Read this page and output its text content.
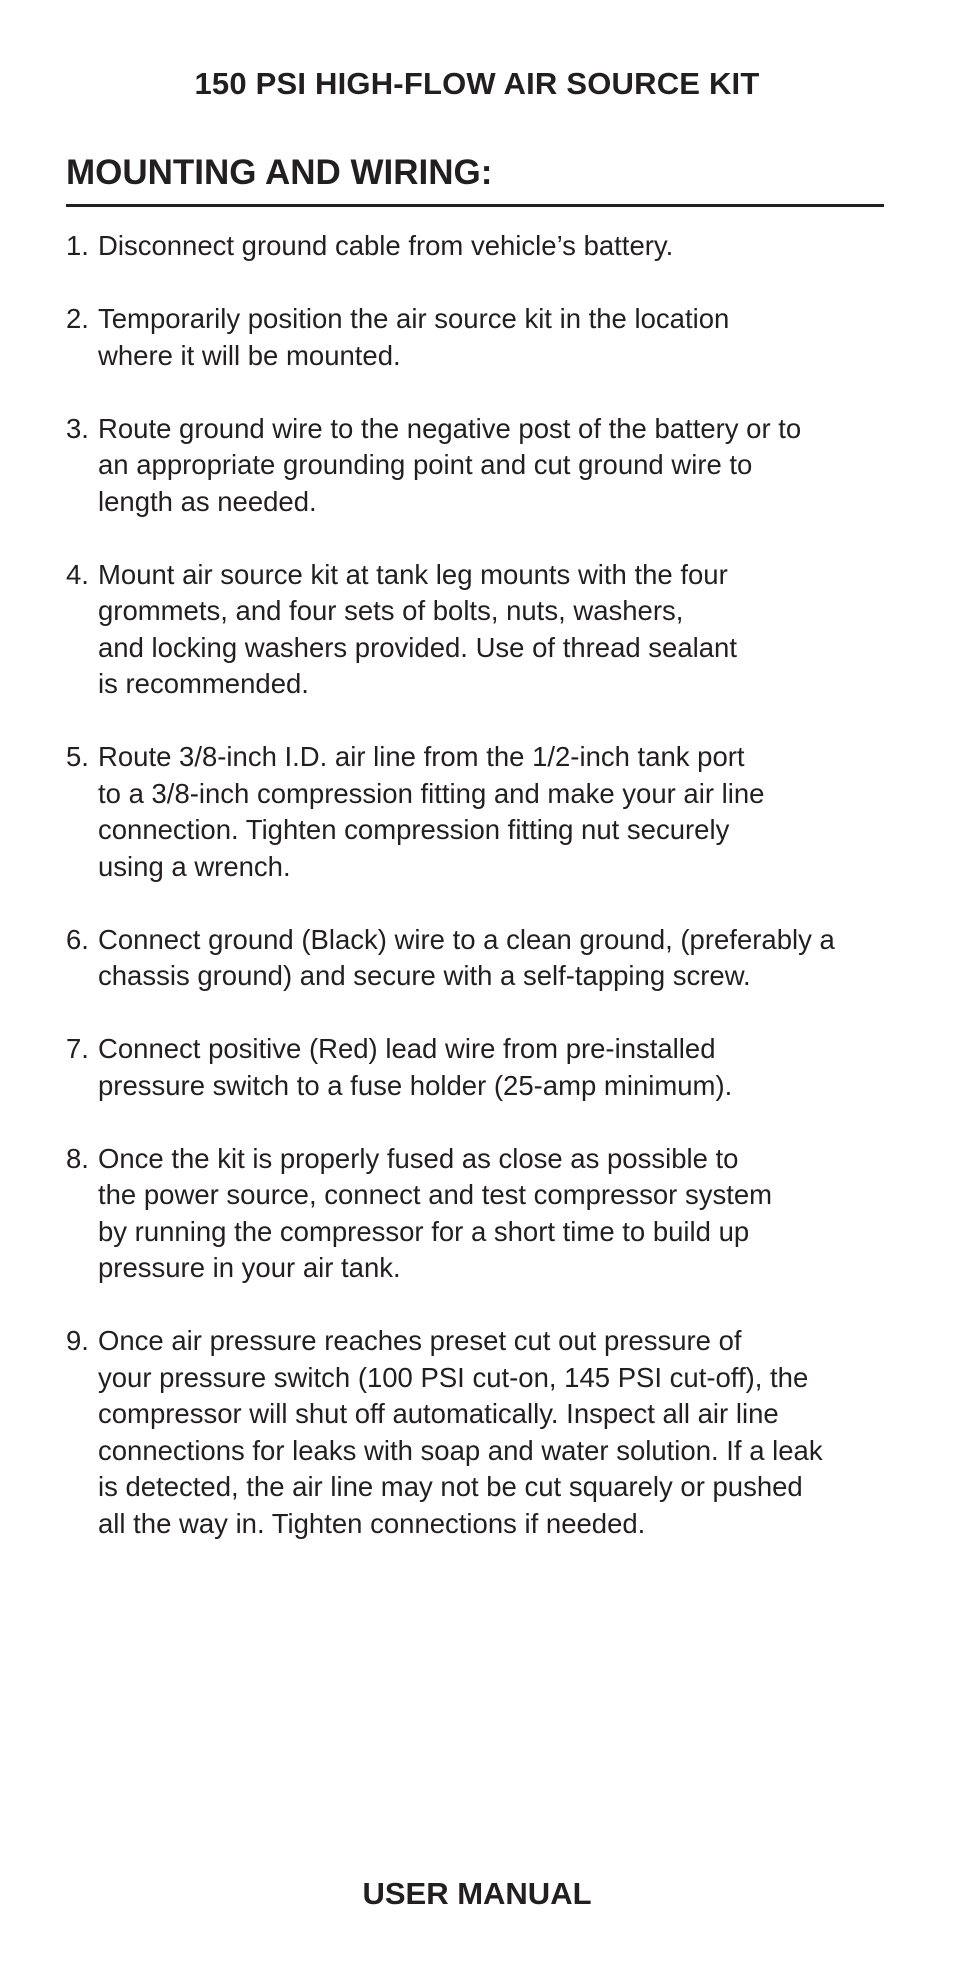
150 PSI HIGH-FLOW AIR SOURCE KIT
MOUNTING AND WIRING:
1. Disconnect ground cable from vehicle’s battery.
2. Temporarily position the air source kit in the location
where it will be mounted.
3. Route ground wire to the negative post of the battery or to
an appropriate grounding point and cut ground wire to
length as needed.
4. Mount air source kit at tank leg mounts with the four
grommets, and four sets of bolts, nuts, washers,
and locking washers provided. Use of thread sealant
is recommended.
5. Route 3/8-inch I.D. air line from the 1/2-inch tank port
to a 3/8-inch compression fitting and make your air line
connection. Tighten compression fitting nut securely
using a wrench.
6. Connect ground (Black) wire to a clean ground, (preferably a
chassis ground) and secure with a self-tapping screw.
7. Connect positive (Red) lead wire from pre-installed
pressure switch to a fuse holder (25-amp minimum).
8. Once the kit is properly fused as close as possible to
the power source, connect and test compressor system
by running the compressor for a short time to build up
pressure in your air tank.
9. Once air pressure reaches preset cut out pressure of
your pressure switch (100 PSI cut-on, 145 PSI cut-off), the
compressor will shut off automatically. Inspect all air line
connections for leaks with soap and water solution. If a leak
is detected, the air line may not be cut squarely or pushed
all the way in. Tighten connections if needed.
USER MANUAL
